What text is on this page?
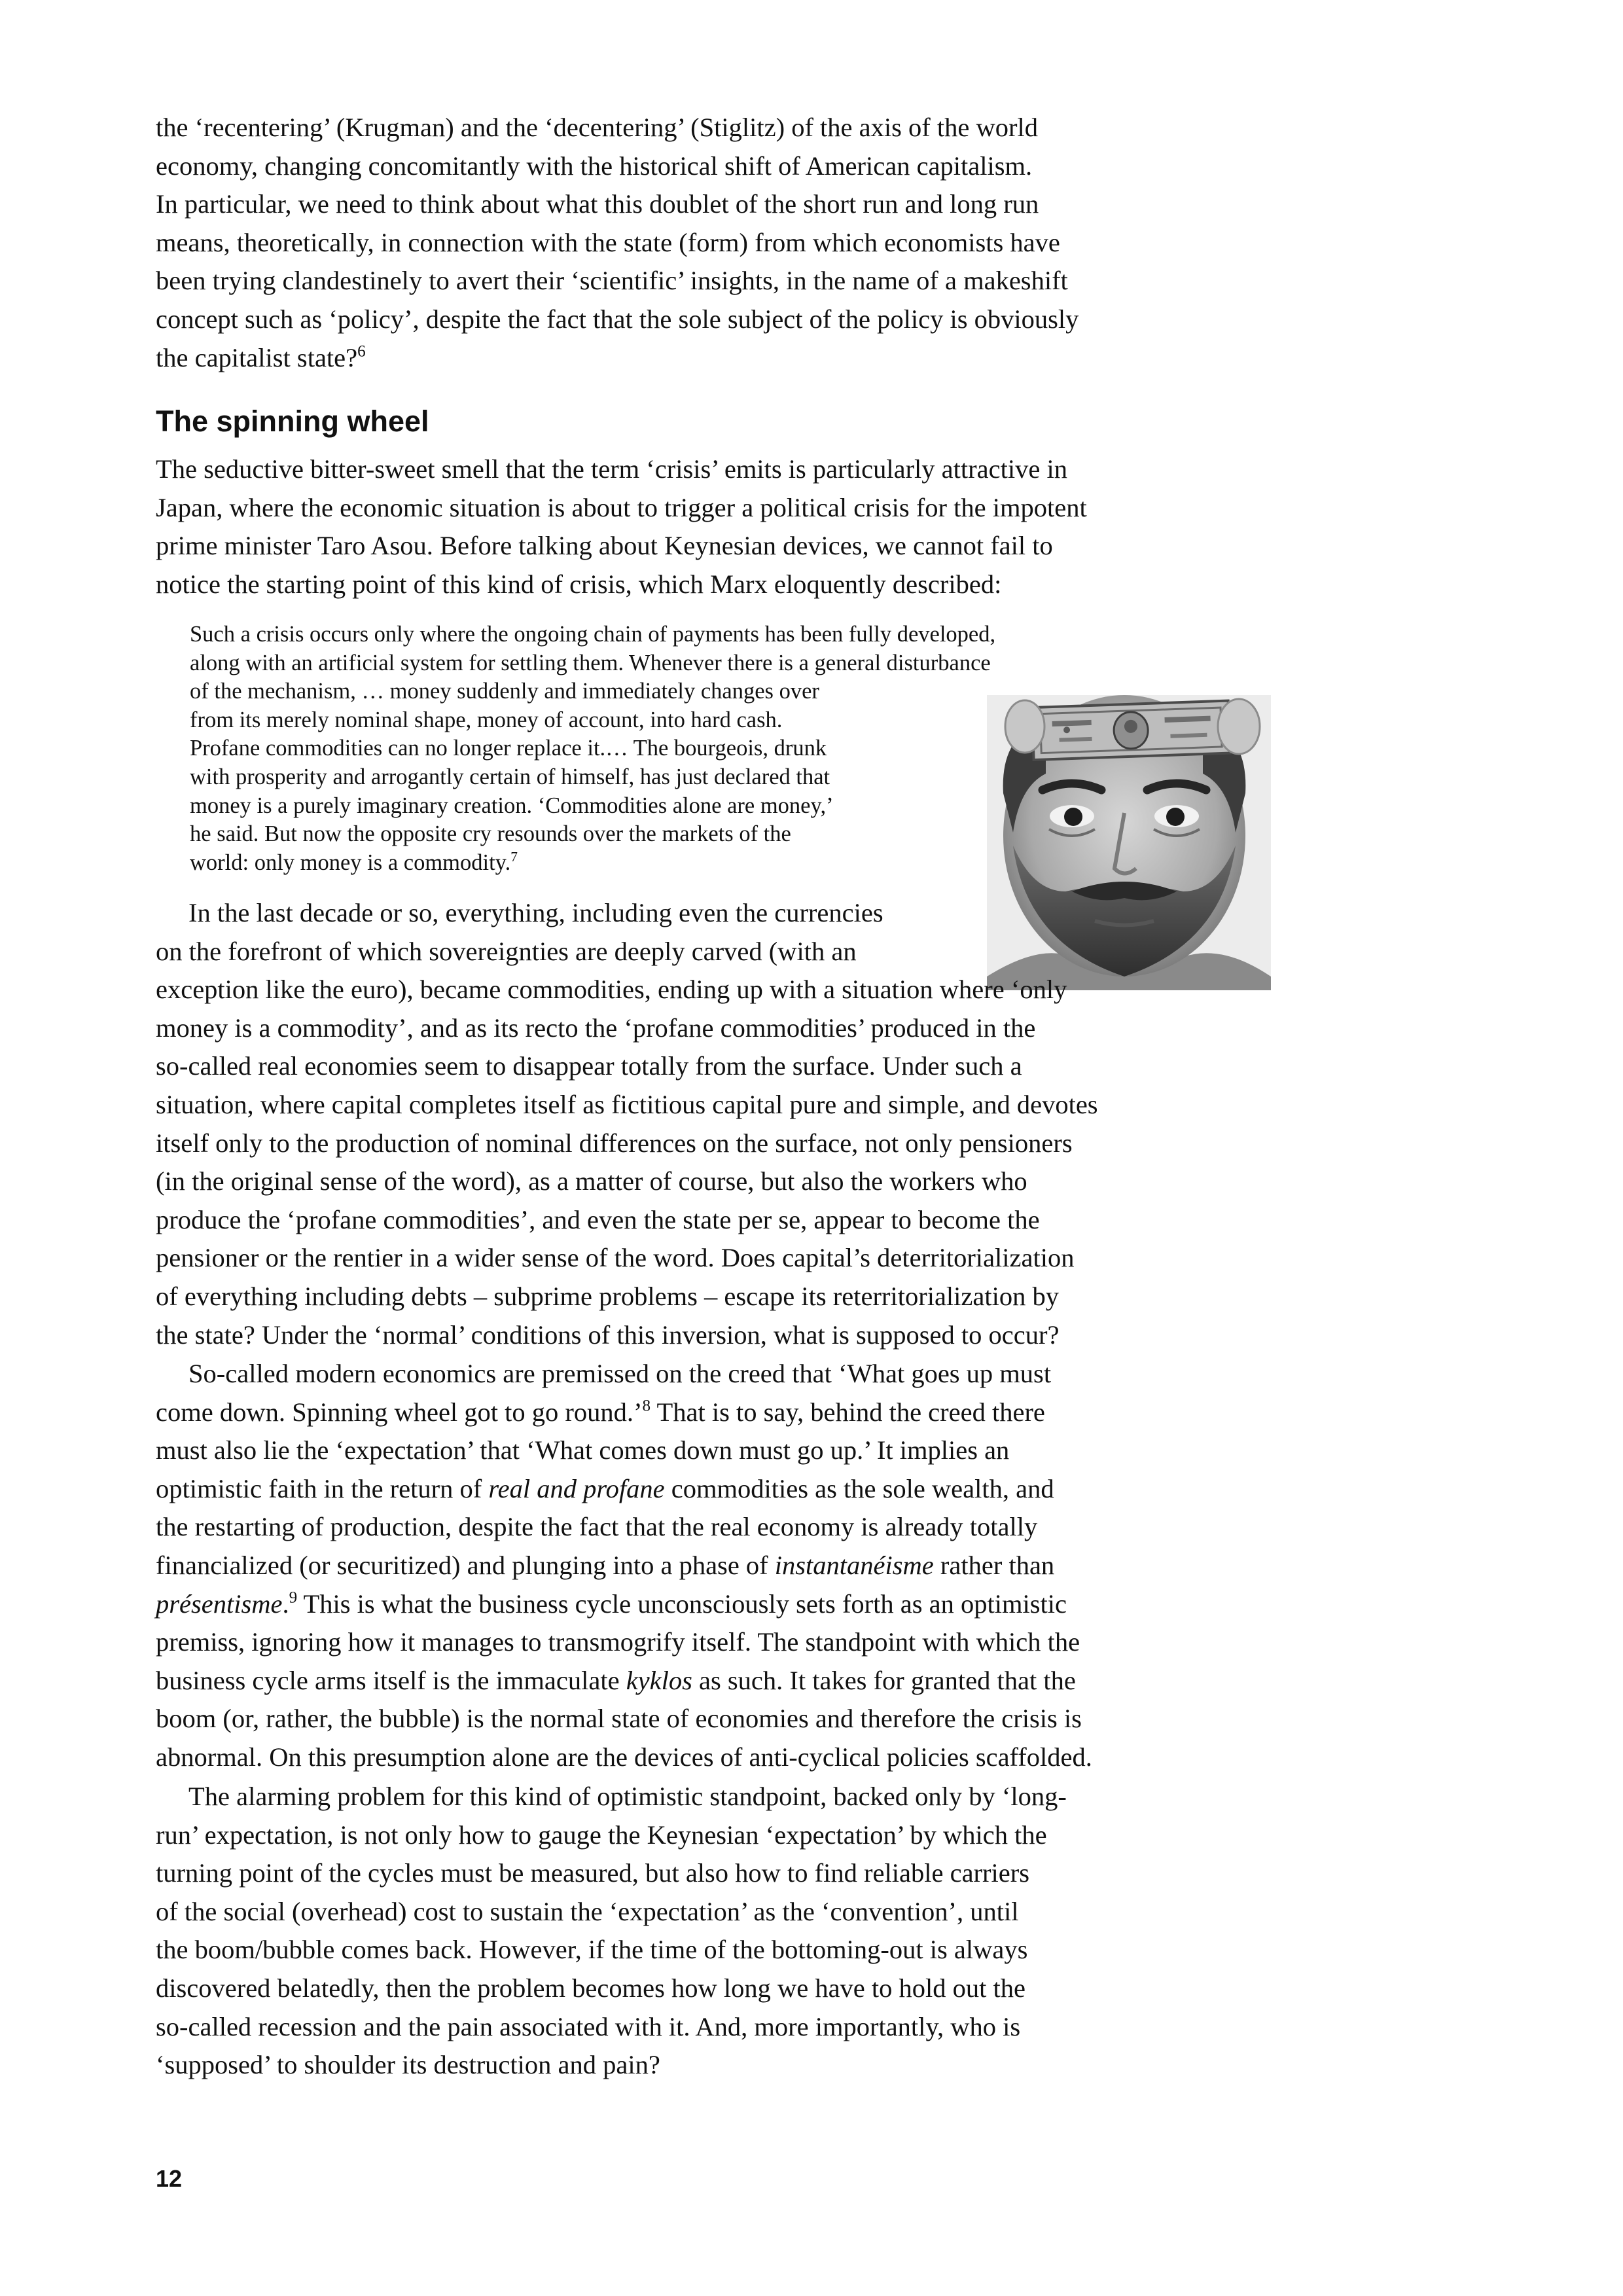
the ‘recentering’ (Krugman) and the ‘decentering’ (Stiglitz) of the axis of the world
economy, changing concomitantly with the historical shift of American capitalism.
In particular, we need to think about what this doublet of the short run and long run
means, theoretically, in connection with the state (form) from which economists have
been trying clandestinely to avert their ‘scientific’ insights, in the name of a makeshift
concept such as ‘policy’, despite the fact that the sole subject of the policy is obviously
the capitalist state?$^6$
The spinning wheel
The seductive bitter-sweet smell that the term ‘crisis’ emits is particularly attractive in
Japan, where the economic situation is about to trigger a political crisis for the impotent
prime minister Taro Asou. Before talking about Keynesian devices, we cannot fail to
notice the starting point of this kind of crisis, which Marx eloquently described:
Such a crisis occurs only where the ongoing chain of payments has been fully developed,
along with an artificial system for settling them. Whenever there is a general disturbance
of the mechanism, … money suddenly and immediately changes over
from its merely nominal shape, money of account, into hard cash.
Profane commodities can no longer replace it.… The bourgeois, drunk
with prosperity and arrogantly certain of himself, has just declared that
money is a purely imaginary creation. ‘Commodities alone are money,’
he said. But now the opposite cry resounds over the markets of the
world: only money is a commodity.$^7$
In the last decade or so, everything, including even the currencies
on the forefront of which sovereignties are deeply carved (with an
exception like the euro), became commodities, ending up with a situation where ‘only
money is a commodity’, and as its recto the ‘profane commodities’ produced in the
so-called real economies seem to disappear totally from the surface. Under such a
situation, where capital completes itself as fictitious capital pure and simple, and devotes
itself only to the production of nominal differences on the surface, not only pensioners
(in the original sense of the word), as a matter of course, but also the workers who
produce the ‘profane commodities’, and even the state per se, appear to become the
pensioner or the rentier in a wider sense of the word. Does capital’s deterritorialization
of everything including debts – subprime problems – escape its reterritorialization by
the state? Under the ‘normal’ conditions of this inversion, what is supposed to occur?
So-called modern economics are premissed on the creed that ‘What goes up must
come down. Spinning wheel got to go round.’$^8$ That is to say, behind the creed there
must also lie the ‘expectation’ that ‘What comes down must go up.’ It implies an
optimistic faith in the return of real and profane commodities as the sole wealth, and
the restarting of production, despite the fact that the real economy is already totally
financialized (or securitized) and plunging into a phase of instantanéisme rather than
présentisme.$^9$ This is what the business cycle unconsciously sets forth as an optimistic
premiss, ignoring how it manages to transmogrify itself. The standpoint with which the
business cycle arms itself is the immaculate kyklos as such. It takes for granted that the
boom (or, rather, the bubble) is the normal state of economies and therefore the crisis is
abnormal. On this presumption alone are the devices of anti-cyclical policies scaffolded.
The alarming problem for this kind of optimistic standpoint, backed only by ‘long-
run’ expectation, is not only how to gauge the Keynesian ‘expectation’ by which the
turning point of the cycles must be measured, but also how to find reliable carriers
of the social (overhead) cost to sustain the ‘expectation’ as the ‘convention’, until
the boom/bubble comes back. However, if the time of the bottoming-out is always
discovered belatedly, then the problem becomes how long we have to hold out the
so-called recession and the pain associated with it. And, more importantly, who is
‘supposed’ to shoulder its destruction and pain?
12
